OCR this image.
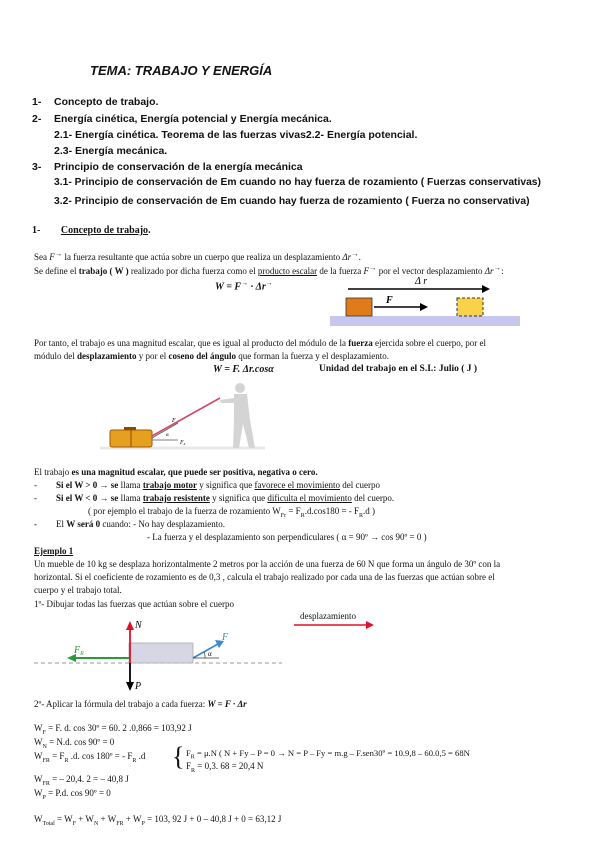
TEMA: TRABAJO Y ENERGÍA
1- Concepto de trabajo.
2- Energía cinética, Energía potencial y Energía mecánica.
2.1- Energía cinética. Teorema de las fuerzas vivas2.2- Energía potencial.
2.3- Energía mecánica.
3- Principio de conservación de la energía mecánica
3.1- Principio de conservación de Em cuando no hay fuerza de rozamiento ( Fuerzas conservativas)
3.2- Principio de conservación de Em cuando hay fuerza de rozamiento ( Fuerza no conservativa)
1- Concepto de trabajo.
Sea F→ la fuerza resultante que actúa sobre un cuerpo que realiza un desplazamiento Δr→.
Se define el trabajo ( W ) realizado por dicha fuerza como el producto escalar de la fuerza F→ por el vector desplazamiento Δr→:
W = F→ · Δr→
F
Δ r
Por tanto, el trabajo es una magnitud escalar, que es igual al producto del módulo de la fuerza ejercida sobre el cuerpo, por el
módulo del desplazamiento y por el coseno del ángulo que forman la fuerza y el desplazamiento.
W = F. Δr.cosα	Unidad del trabajo en el S.I.: Julio ( J )
F
Fx
α
El trabajo es una magnitud escalar, que puede ser positiva, negativa o cero.
- Si el W > 0 → se llama trabajo motor y significa que favorece el movimiento del cuerpo
- Si el W < 0 → se llama trabajo resistente y significa que dificulta el movimiento del cuerpo.
( por ejemplo el trabajo de la fuerza de rozamiento $W_{Fr} = F_R.d.\cos 180$ = - $F_R.d$ )
- El W será 0 cuando: - No hay desplazamiento.
- La fuerza y el desplazamiento son perpendiculares ( α = 90º → cos 90º = 0 )
Ejemplo 1
Un mueble de 10 kg se desplaza horizontalmente 2 metros por la acción de una fuerza de 60 N que forma un ángulo de 30º con la
horizontal. Si el coeficiente de rozamiento es de 0,3 , calcula el trabajo realizado por cada una de las fuerzas que actúan sobre el
cuerpo y el trabajo total.
1º- Dibujar todas las fuerzas que actúan sobre el cuerpo
desplazamiento
N
F
$F_R$
P
α
2º- Aplicar la fórmula del trabajo a cada fuerza: W = F · Δr
$W_F = F$. d. cos 30º = 60. 2 .0,866 = 103,92 J
$W_N = N.d$. cos 90º = 0
$W_{FR} = F_R$ .d. cos 180º = - $F_R$ .d { $F_R = \mu.N$ ( N + Fy – P = 0 → N = P – Fy = m.g – F.sen30º = 10.9,8 – 60.0,5 = 68N
$F_R = 0,3$. 68 = 20,4 N
$W_{FR}$ = – 20,4. 2 = – 40,8 J
$W_P = P.d$. cos 90º = 0
$W_{Total} = W_F + W_N + W_{FR} + W_P = 103$, 92 J + 0 – 40,8 J + 0 = 63,12 J
